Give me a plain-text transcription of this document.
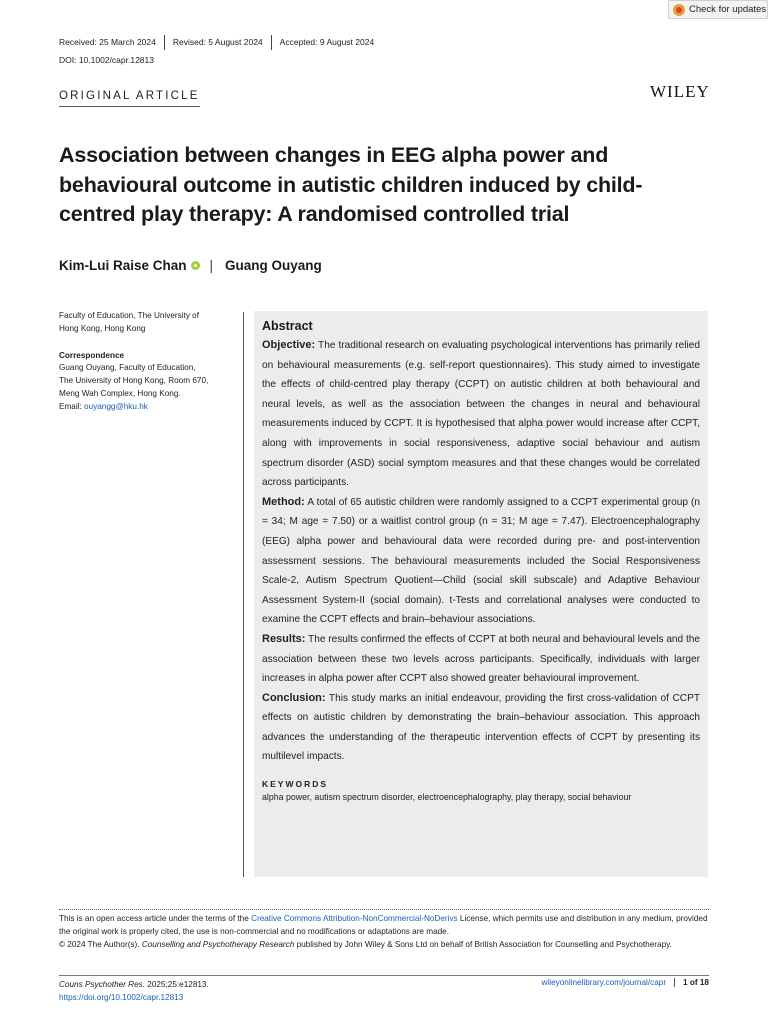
Check for updates
Received: 25 March 2024	Revised: 5 August 2024	Accepted: 9 August 2024
DOI: 10.1002/capr.12813
ORIGINAL ARTICLE	WILEY
Association between changes in EEG alpha power and behavioural outcome in autistic children induced by child-centred play therapy: A randomised controlled trial
Kim-Lui Raise Chan | Guang Ouyang

Faculty of Education, The University of

Hong Kong, Hong Kong

Correspondence

Guang Ouyang, Faculty of Education,

The University of Hong Kong, Room 670,

Meng Wah Complex, Hong Kong.

Email: ouyangg@hku.hk

Abstract

Objective: The traditional research on evaluating psychological interventions has primarily relied on behavioural measurements (e.g. self-report questionnaires). This study aimed to investigate the effects of child-centred play therapy (CCPT) on autistic children at both behavioural and neural levels, as well as the association between the changes in neural and behavioural measurements induced by CCPT. It is hypothesised that alpha power would increase after CCPT, along with improvements in social responsiveness, adaptive social behaviour and autism spectrum disorder (ASD) social symptom measures and that these changes would be correlated across participants.

Method: A total of 65 autistic children were randomly assigned to a CCPT experimental group (n = 34; M age = 7.50) or a waitlist control group (n = 31; M age = 7.47). Electroencephalography (EEG) alpha power and behavioural data were recorded during pre- and post-intervention assessment sessions. The behavioural measurements included the Social Responsiveness Scale-2, Autism Spectrum Quotient—Child (social skill subscale) and Adaptive Behaviour Assessment System-II (social domain). t-Tests and correlational analyses were conducted to examine the CCPT effects and brain–behaviour associations.

Results: The results confirmed the effects of CCPT at both neural and behavioural levels and the association between these two levels across participants. Specifically, individuals with larger increases in alpha power after CCPT also showed greater behavioural improvement.

Conclusion: This study marks an initial endeavour, providing the first cross-validation of CCPT effects on autistic children by demonstrating the brain–behaviour association. This approach advances the understanding of the therapeutic intervention effects of CCPT by presenting its multilevel impacts.

KEYWORDS
alpha power, autism spectrum disorder, electroencephalography, play therapy, social behaviour

This is an open access article under the terms of the Creative Commons Attribution-NonCommercial-NoDerivs License, which permits use and distribution in any medium, provided the original work is properly cited, the use is non-commercial and no modifications or adaptations are made.

© 2024 The Author(s). Counselling and Psychotherapy Research published by John Wiley & Sons Ltd on behalf of British Association for Counselling and Psychotherapy.

Couns Psychother Res. 2025;25:e12813.
https://doi.org/10.1002/capr.12813
wileyonlinelibrary.com/journal/capr	1 of 18
